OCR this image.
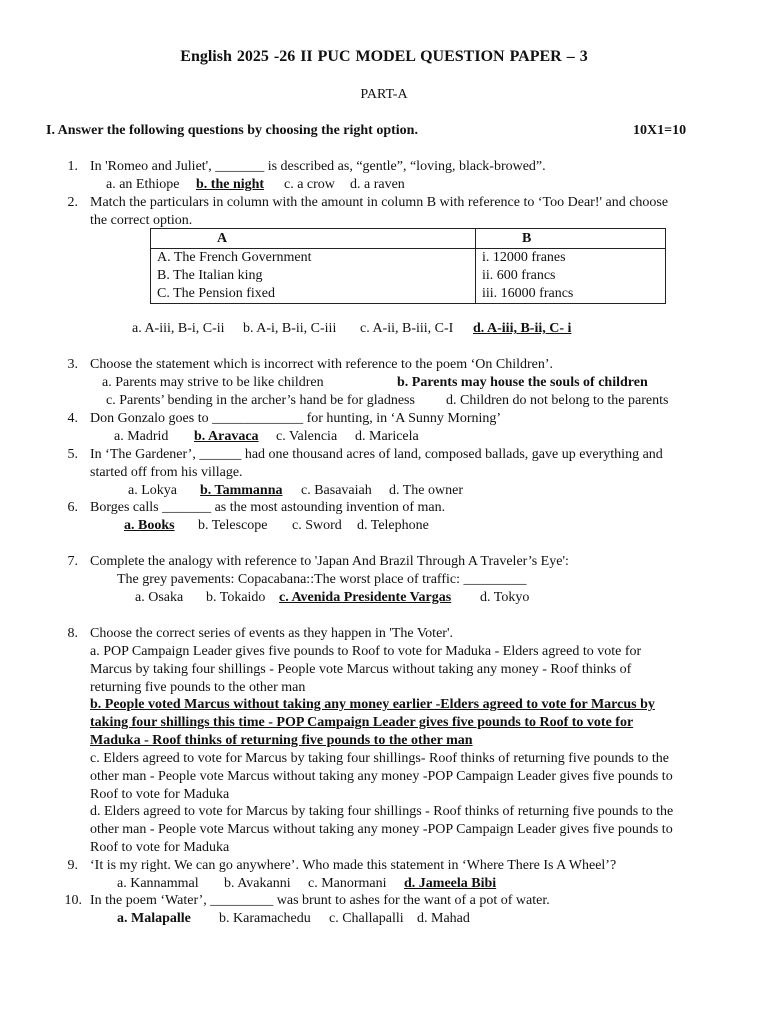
English 2025 -26 II PUC MODEL QUESTION PAPER – 3
PART-A
I. Answer the following questions by choosing the right option.	10X1=10
1. In 'Romeo and Juliet', _______ is described as, “gentle”, “loving, black-browed”.
a. an Ethiope b. the night c. a crow d. a raven
2. Match the particulars in column with the amount in column B with reference to ‘Too Dear!' and choose
the correct option.
A	B
A. The French Government	i. 12000 franes
B. The Italian king	ii. 600 francs
C. The Pension fixed	iii. 16000 francs
a. A-iii, B-i, C-ii b. A-i, B-ii, C-iii c. A-ii, B-iii, C-I d. A-iii, B-ii, C- i
3. Choose the statement which is incorrect with reference to the poem ‘On Children’.
a. Parents may strive to be like children	b. Parents may house the souls of children
c. Parents’ bending in the archer’s hand be for gladness d. Children do not belong to the parents
4. Don Gonzalo goes to _____________ for hunting, in ‘A Sunny Morning’
a. Madrid b. Aravaca c. Valencia d. Maricela
5. In ‘The Gardener’, ______ had one thousand acres of land, composed ballads, gave up everything and
started off from his village.
a. Lokya b. Tammanna c. Basavaiah d. The owner
6. Borges calls _______ as the most astounding invention of man.
a. Books b. Telescope c. Sword d. Telephone
7. Complete the analogy with reference to 'Japan And Brazil Through A Traveler’s Eye':
The grey pavements: Copacabana::The worst place of traffic: _________
a. Osaka b. Tokaido c. Avenida Presidente Vargas d. Tokyo
8. Choose the correct series of events as they happen in 'The Voter'.
a. POP Campaign Leader gives five pounds to Roof to vote for Maduka - Elders agreed to vote for
Marcus by taking four shillings - People vote Marcus without taking any money - Roof thinks of
returning five pounds to the other man
b. People voted Marcus without taking any money earlier -Elders agreed to vote for Marcus by
taking four shillings this time - POP Campaign Leader gives five pounds to Roof to vote for
Maduka - Roof thinks of returning five pounds to the other man
c. Elders agreed to vote for Marcus by taking four shillings- Roof thinks of returning five pounds to the
other man - People vote Marcus without taking any money -POP Campaign Leader gives five pounds to
Roof to vote for Maduka
d. Elders agreed to vote for Marcus by taking four shillings - Roof thinks of returning five pounds to the
other man - People vote Marcus without taking any money -POP Campaign Leader gives five pounds to
Roof to vote for Maduka
9. ‘It is my right. We can go anywhere’. Who made this statement in ‘Where There Is A Wheel’?
a. Kannammal b. Avakanni c. Manormani d. Jameela Bibi
10. In the poem ‘Water’, _________ was brunt to ashes for the want of a pot of water.
a. Malapalle b. Karamachedu c. Challapalli d. Mahad
